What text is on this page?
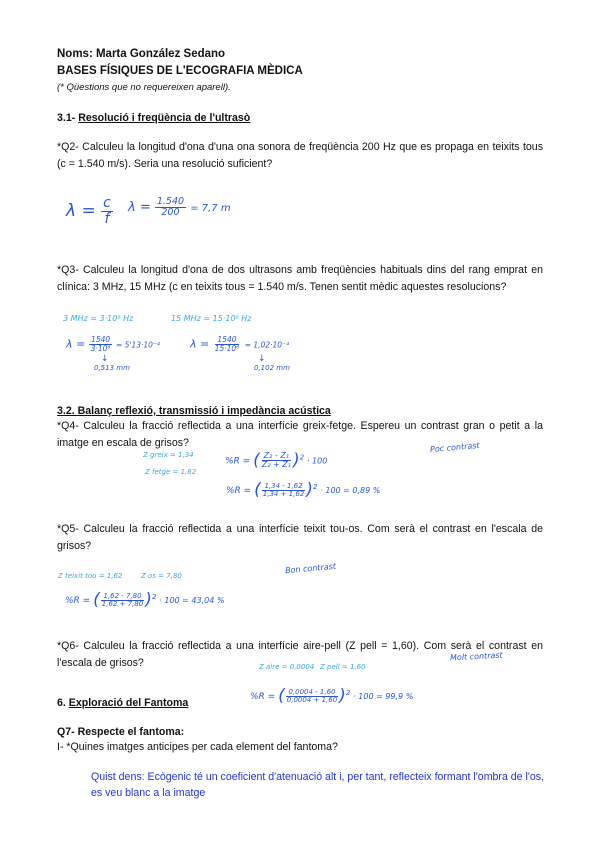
Noms: Marta González Sedano
BASES FÍSIQUES DE L'ECOGRAFIA MÈDICA
(* Qüestions que no requereixen aparell).
3.1- Resolució i freqüència de l'ultrasò
*Q2- Calculeu la longitud d'ona d'una ona sonora de freqüència 200 Hz que es propaga en teixits tous (c = 1.540 m/s). Seria una resolució suficient?
$\lambda = \frac{c}{f}$ $\lambda = \frac{1.540}{200} = 7,7$ m
*Q3- Calculeu la longitud d'ona de dos ultrasons amb freqüències habituals dins del rang emprat en clínica: 3 MHz, 15 MHz (c en teixits tous = 1.540 m/s. Tenen sentit mèdic aquestes resolucions?
3 MHz = 3·10⁶ Hz	15 MHz = 15·10⁶ Hz
$\lambda = \frac{1540}{\text{3·10⁶}} = 5'13\cdot 10^{-4}$
↓
0,513 mm
$\lambda = \frac{1540}{\text{15·10⁶}} = 1,02\cdot 10^{-4}$
↓
0,102 mm
3.2. Balanç reflexió, transmissió i impedància acústica
*Q4- Calculeu la fracció reflectida a una interfície greix-fetge. Espereu un contrast gran o petit a la imatge en escala de grisos?
Z greix = 1,34
Z fetge = 1,62
Poc contrast
%R = ( $\frac{\text{Z₂ - Z₁}}{\text{Z₂ + Z₁}} )^2 \cdot 100$
%R = ( $\frac{1,34 - 1,62}{1,34 + 1,62} )^2 \cdot 100 = 0,89$ %
*Q5- Calculeu la fracció reflectida a una interfície teixit tou-os. Com serà el contrast en l'escala de grisos?
Z teixit tou = 1,62	Z os = 7,80
Bon contrast
%R = ( $\frac{1,62 - 7,80}{1,62 + 7,80} )^2 \cdot 100 = 43,04$ %
*Q6- Calculeu la fracció reflectida a una interfície aire-pell (Z pell = 1,60). Com serà el contrast en l'escala de grisos?	Z aire = 0,0004 Z pell = 1,60
Molt contrast
%R = ( $\frac{0,0004 - 1,60}{0,0004 + 1,60} )^2 \cdot 100 = 99,9$ %
6. Exploració del Fantoma
Q7- Respecte el fantoma:
I- *Quines imatges anticipes per cada element del fantoma?
Quist dens: Ecògenic té un coeficient d'atenuació alt i, per tant, reflecteix formant l'ombra de l'os, es veu blanc a la imatge
